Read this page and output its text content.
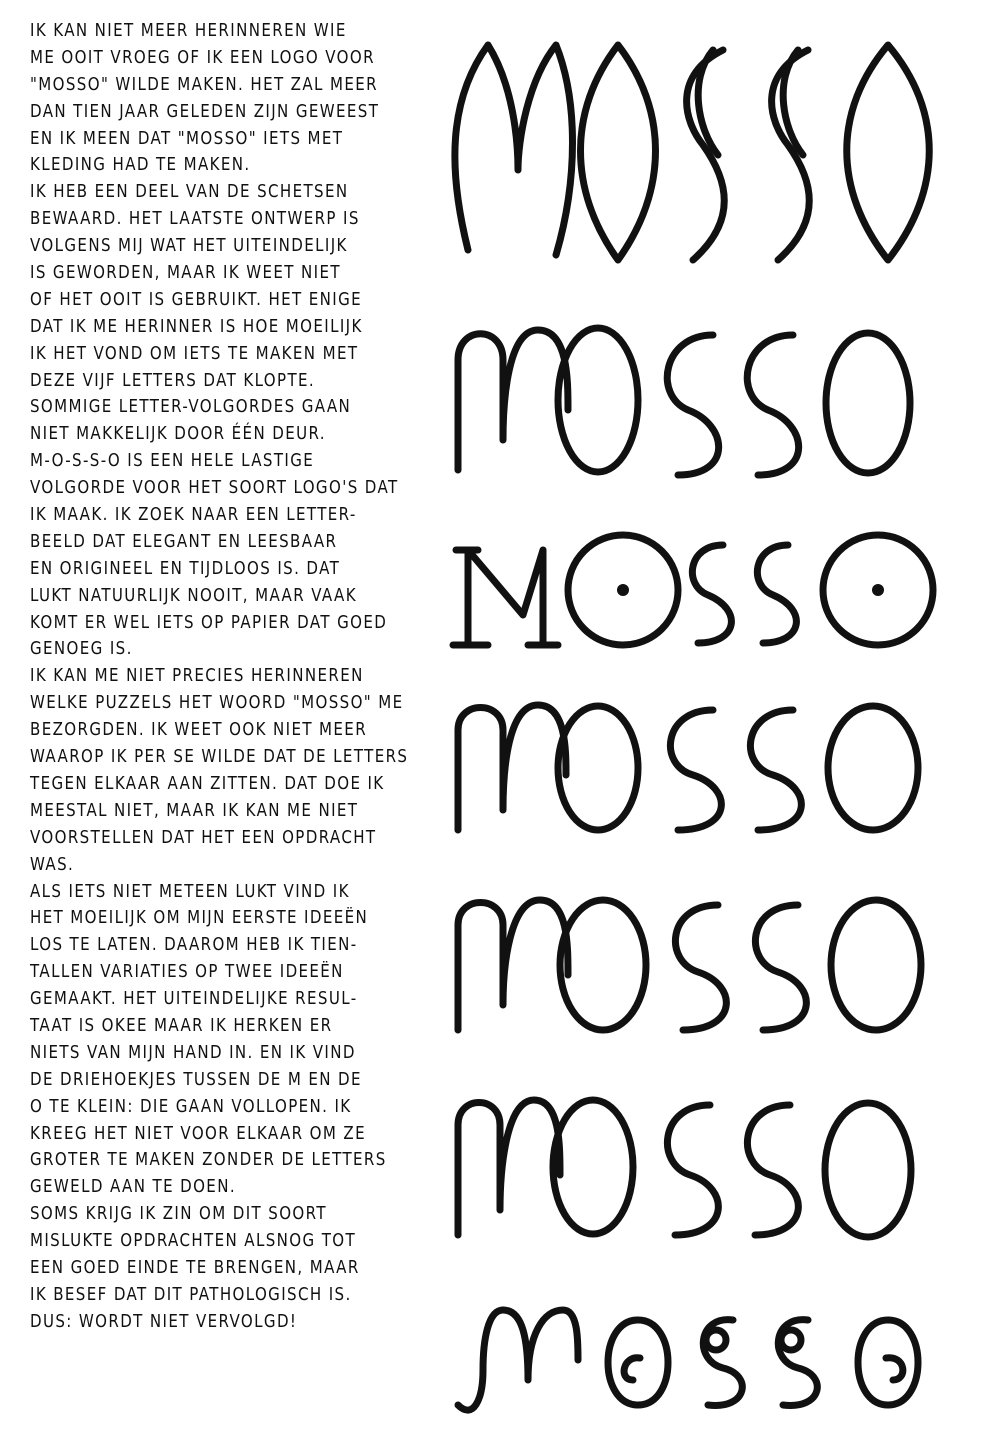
IK KAN NIET MEER HERINNEREN WIE
ME OOIT VROEG OF IK EEN LOGO VOOR
"MOSSO" WILDE MAKEN. HET ZAL MEER
DAN TIEN JAAR GELEDEN ZIJN GEWEEST
EN IK MEEN DAT "MOSSO" IETS MET
KLEDING HAD TE MAKEN.
IK HEB EEN DEEL VAN DE SCHETSEN
BEWAARD. HET LAATSTE ONTWERP IS
VOLGENS MIJ WAT HET UITEINDELIJK
IS GEWORDEN, MAAR IK WEET NIET
OF HET OOIT IS GEBRUIKT. HET ENIGE
DAT IK ME HERINNER IS HOE MOEILIJK
IK HET VOND OM IETS TE MAKEN MET
DEZE VIJF LETTERS DAT KLOPTE.
SOMMIGE LETTER-VOLGORDES GAAN
NIET MAKKELIJK DOOR ÉÉN DEUR.
M-O-S-S-O IS EEN HELE LASTIGE
VOLGORDE VOOR HET SOORT LOGO'S DAT
IK MAAK. IK ZOEK NAAR EEN LETTER-
BEELD DAT ELEGANT EN LEESBAAR
EN ORIGINEEL EN TIJDLOOS IS. DAT
LUKT NATUURLIJK NOOIT, MAAR VAAK
KOMT ER WEL IETS OP PAPIER DAT GOED
GENOEG IS.
IK KAN ME NIET PRECIES HERINNEREN
WELKE PUZZELS HET WOORD "MOSSO" ME
BEZORGDEN. IK WEET OOK NIET MEER
WAAROP IK PER SE WILDE DAT DE LETTERS
TEGEN ELKAAR AAN ZITTEN. DAT DOE IK
MEESTAL NIET, MAAR IK KAN ME NIET
VOORSTELLEN DAT HET EEN OPDRACHT
WAS.
ALS IETS NIET METEEN LUKT VIND IK
HET MOEILIJK OM MIJN EERSTE IDEEËN
LOS TE LATEN. DAAROM HEB IK TIEN-
TALLEN VARIATIES OP TWEE IDEEËN
GEMAAKT. HET UITEINDELIJKE RESUL-
TAAT IS OKEE MAAR IK HERKEN ER
NIETS VAN MIJN HAND IN. EN IK VIND
DE DRIEHOEKJES TUSSEN DE M EN DE
O TE KLEIN: DIE GAAN VOLLOPEN. IK
KREEG HET NIET VOOR ELKAAR OM ZE
GROTER TE MAKEN ZONDER DE LETTERS
GEWELD AAN TE DOEN.
SOMS KRIJG IK ZIN OM DIT SOORT
MISLUKTE OPDRACHTEN ALSNOG TOT
EEN GOED EINDE TE BRENGEN, MAAR
IK BESEF DAT DIT PATHOLOGISCH IS.
DUS: WORDT NIET VERVOLGD!
